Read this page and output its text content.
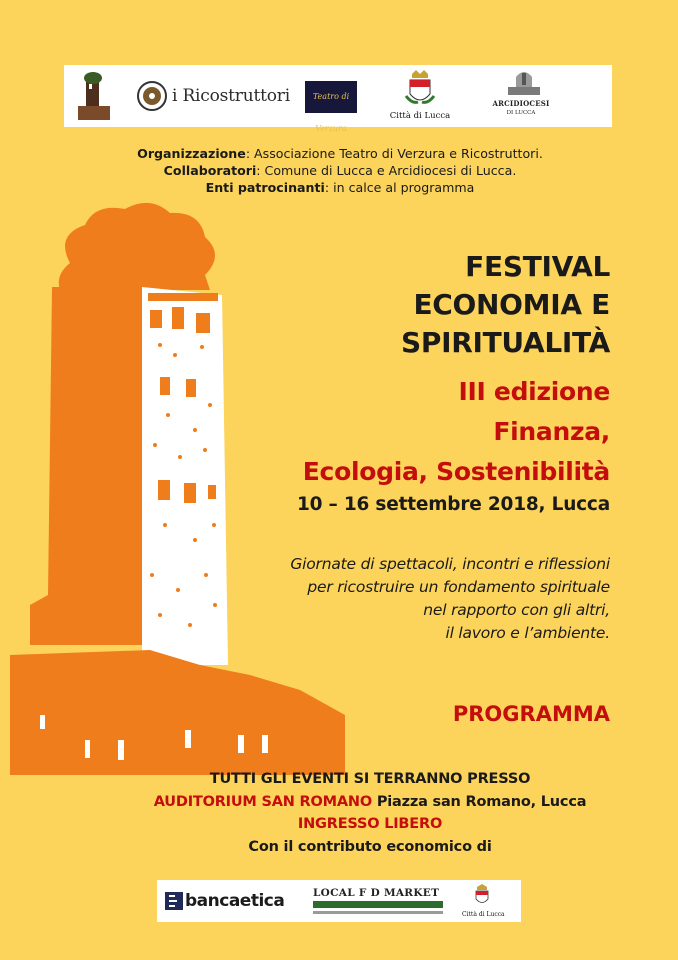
i Ricostruttori	Teatro di Verzura
Città di Lucca
ARCIDIOCESI
DI LUCCA
Organizzazione: Associazione Teatro di Verzura e Ricostruttori.
Collaboratori: Comune di Lucca e Arcidiocesi di Lucca.
Enti patrocinanti: in calce al programma
FESTIVAL
ECONOMIA E
SPIRITUALITÀ
III edizione
Finanza,
Ecologia, Sostenibilità
10 – 16 settembre 2018, Lucca
Giornate di spettacoli, incontri e riflessioni
per ricostruire un fondamento spirituale
nel rapporto con gli altri,
il lavoro e l’ambiente.
PROGRAMMA
TUTTI GLI EVENTI SI TERRANNO PRESSO
AUDITORIUM SAN ROMANO Piazza san Romano, Lucca
INGRESSO LIBERO
Con il contributo economico di
bancaetica	LOCAL F D MARKET
Città di Lucca
